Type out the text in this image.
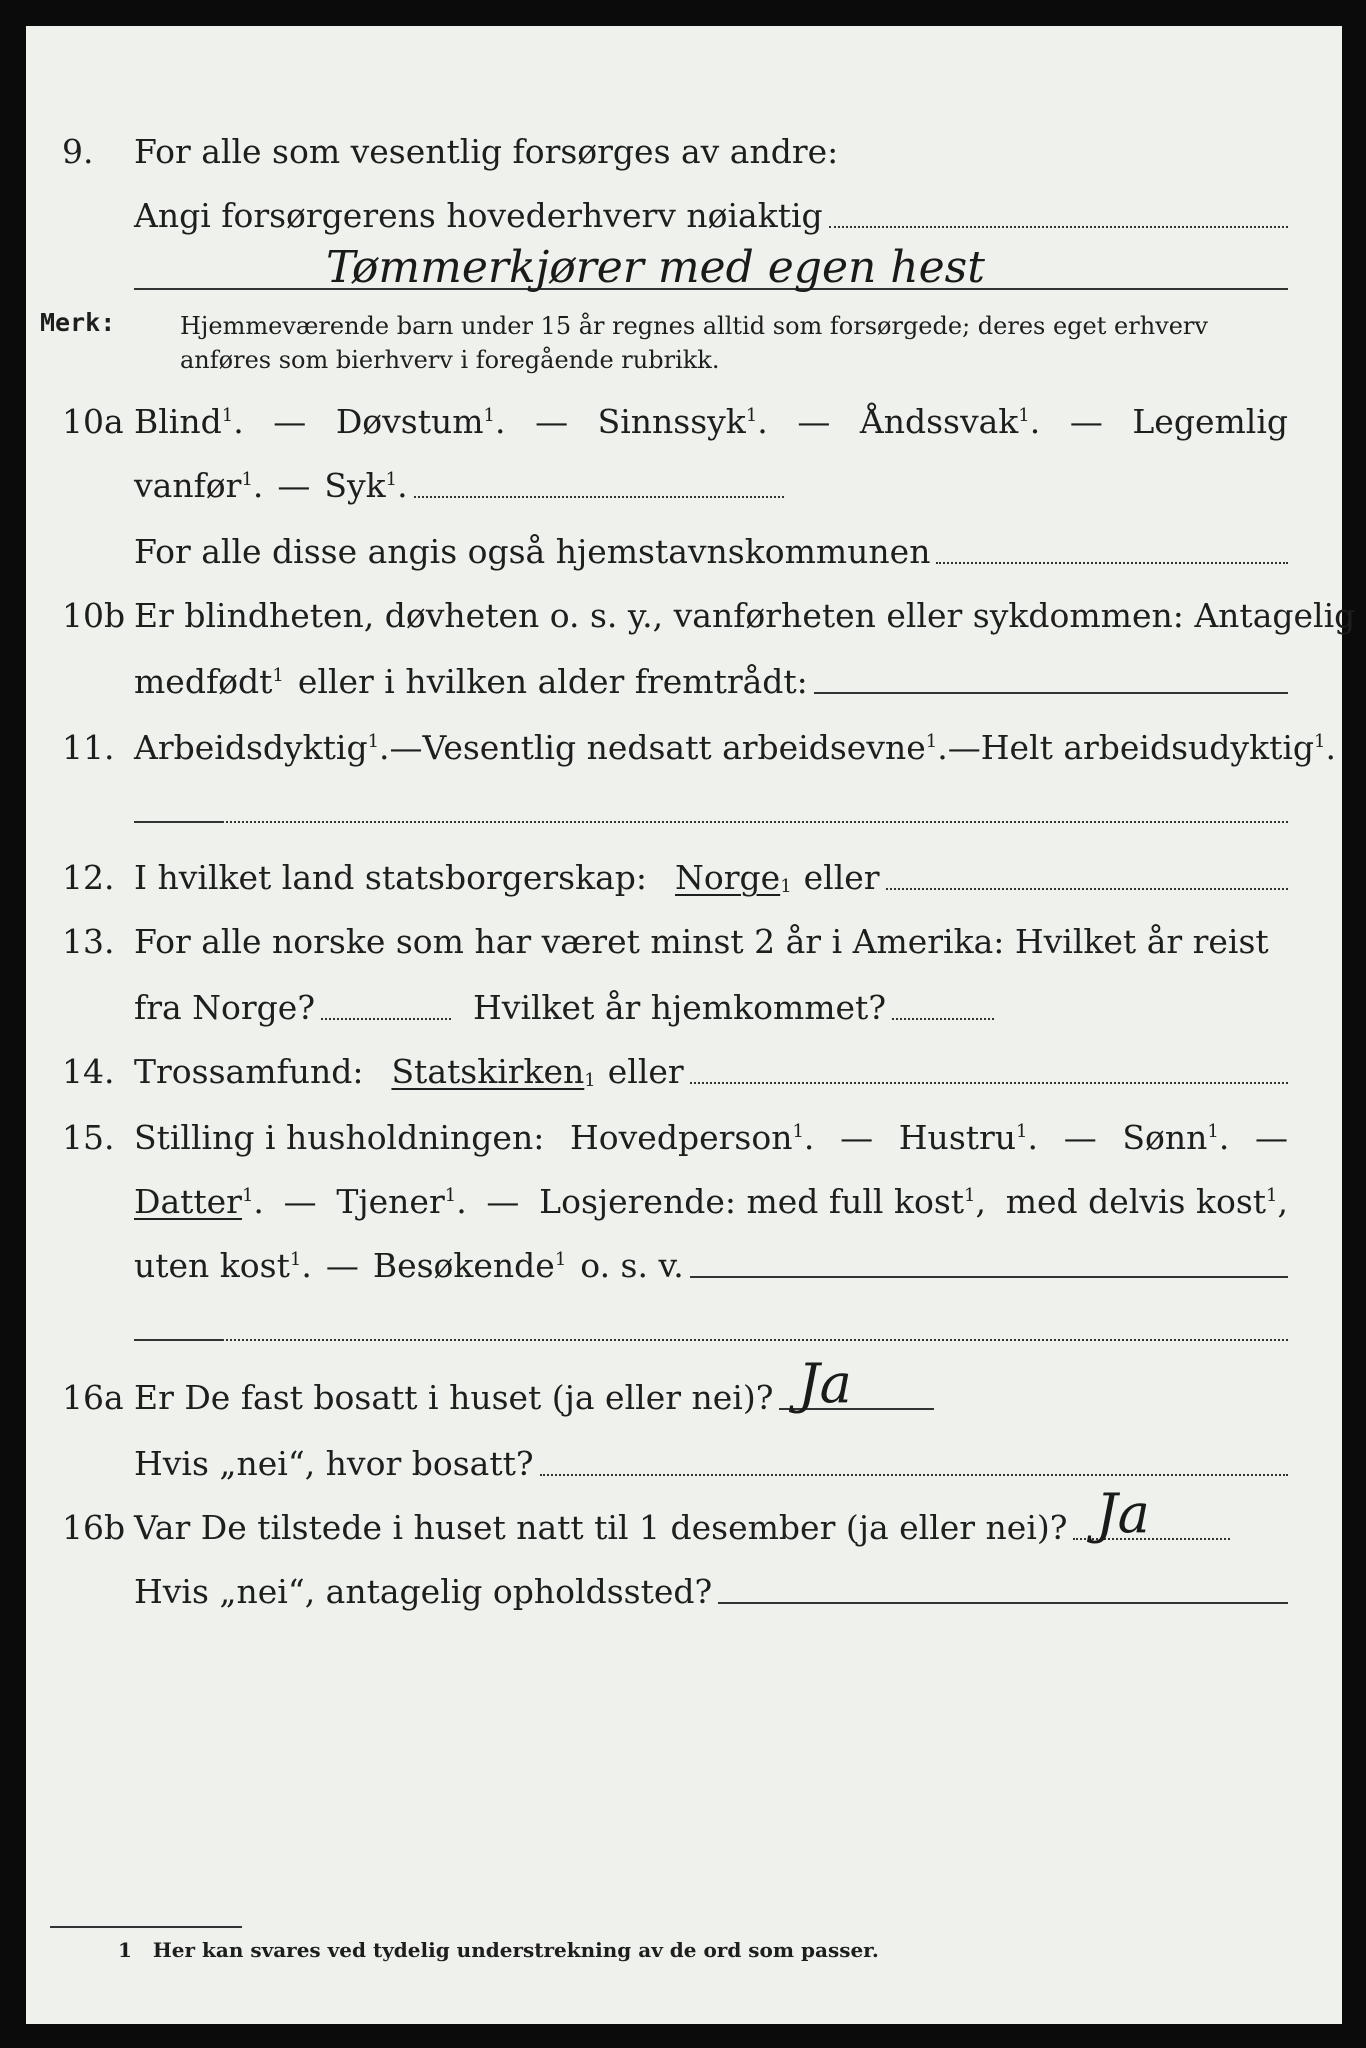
9. For alle som vesentlig forsørges av andre:
Angi forsørgerens hovederhverv nøiaktig
Tømmerkjører med egen hest
Merk:	Hjemmeværende barn under 15 år regnes alltid som forsørgede; deres eget erhverv
anføres som bierhverv i foregående rubrikk.
10a Blind$^1$. — Døvstum$^1$. — Sinnssyk$^1$. — Åndssvak$^1$. — Legemlig
vanfør$^1$. — Syk$^1$.
For alle disse angis også hjemstavnskommunen
10b Er blindheten, døvheten o. s. y., vanførheten eller sykdommen: Antagelig
medfødt$^1$ eller i hvilken alder fremtrådt:
11. Arbeidsdyktig$^1$. — Vesentlig nedsatt arbeidsevne$^1$. — Helt arbeidsudyktig$^1$.
12. I hvilket land statsborgerskap: Norge$_1$ eller
13. For alle norske som har været minst 2 år i Amerika: Hvilket år reist
fra Norge?	Hvilket år hjemkommet?
14. Trossamfund: Statskirken$_1$ eller
15. Stilling i husholdningen: Hovedperson$^1$. — Hustru$^1$. — Sønn$^1$. —
Datter$^1$. — Tjener$^1$. — Losjerende: med full kost$^1$, med delvis kost$^1$,
uten kost$^1$. — Besøkende$^1$ o. s. v.
16a Er De fast bosatt i huset (ja eller nei)? Ja
Hvis „nei“, hvor bosatt?
16b Var De tilstede i huset natt til 1 desember (ja eller nei)? Ja
Hvis „nei“, antagelig opholdssted?
1 Her kan svares ved tydelig understrekning av de ord som passer.
